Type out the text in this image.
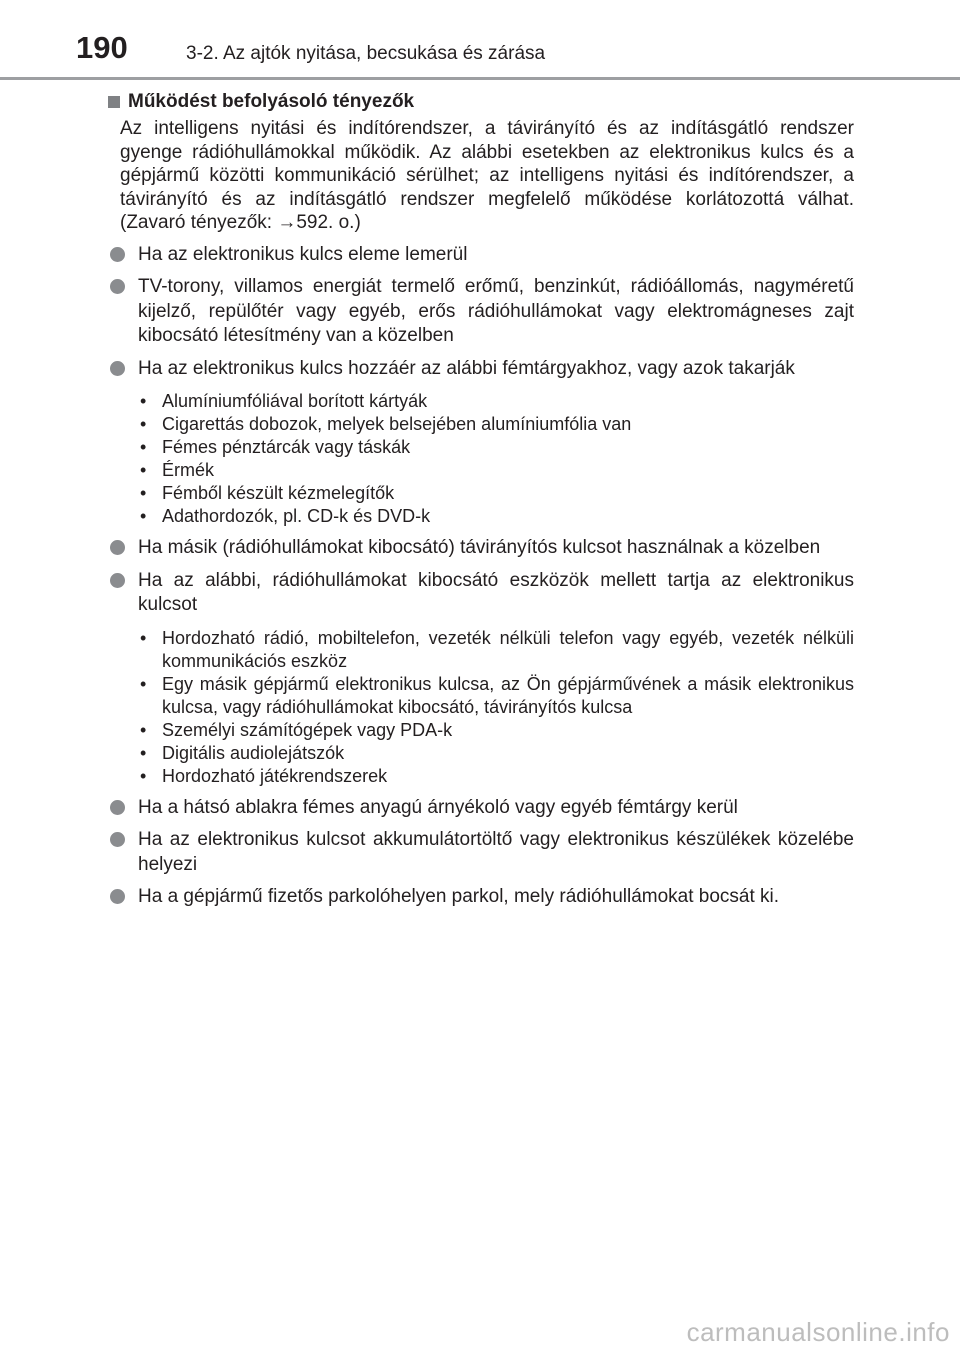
190	3-2. Az ajtók nyitása, becsukása és zárása
Működést befolyásoló tényezők

Az intelligens nyitási és indítórendszer, a távirányító és az indításgátló rendszer gyenge rádióhullámokkal működik. Az alábbi esetekben az elektronikus kulcs és a gépjármű közötti kommunikáció sérülhet; az intelligens nyitási és indítórendszer, a távirányító és az indításgátló rendszer megfelelő működése korlátozottá válhat. (Zavaró tényezők: →592. o.)

Ha az elektronikus kulcs eleme lemerül
TV-torony, villamos energiát termelő erőmű, benzinkút, rádióállomás, nagyméretű kijelző, repülőtér vagy egyéb, erős rádióhullámokat vagy elektromágneses zajt kibocsátó létesítmény van a közelben
Ha az elektronikus kulcs hozzáér az alábbi fémtárgyakhoz, vagy azok takarják
• Alumíniumfóliával borított kártyák
• Cigarettás dobozok, melyek belsejében alumíniumfólia van
• Fémes pénztárcák vagy táskák
• Érmék
• Fémből készült kézmelegítők
• Adathordozók, pl. CD-k és DVD-k
Ha másik (rádióhullámokat kibocsátó) távirányítós kulcsot használnak a közelben
Ha az alábbi, rádióhullámokat kibocsátó eszközök mellett tartja az elektronikus kulcsot
• Hordozható rádió, mobiltelefon, vezeték nélküli telefon vagy egyéb, vezeték nélküli kommunikációs eszköz
• Egy másik gépjármű elektronikus kulcsa, az Ön gépjárművének a másik elektronikus kulcsa, vagy rádióhullámokat kibocsátó, távirányítós kulcsa
• Személyi számítógépek vagy PDA-k
• Digitális audiolejátszók
• Hordozható játékrendszerek
Ha a hátsó ablakra fémes anyagú árnyékoló vagy egyéb fémtárgy kerül
Ha az elektronikus kulcsot akkumulátortöltő vagy elektronikus készülékek közelébe helyezi
Ha a gépjármű fizetős parkolóhelyen parkol, mely rádióhullámokat bocsát ki.
carmanualsonline.info
